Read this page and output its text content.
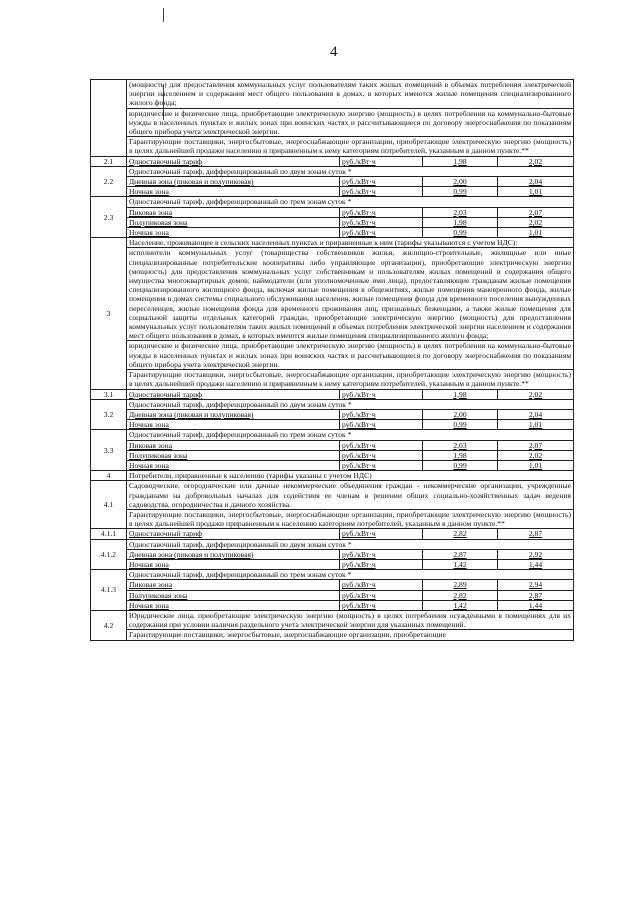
4
	(мощность) для предоставления коммунальных услуг пользователям таких жилых помещений в объемах потребления электрической энергии населением и содержания мест общего пользования в домах, в которых имеются жилые помещения специализированного жилого фонда;			
	юридические и физические лица, приобретающие электрическую энергию (мощность) в целях потребления на коммунально-бытовые нужды в населенных пунктах и жилых зонах при воинских частях и рассчитывающиеся по договору энергоснабжения по показаниям общего прибора учета электрической энергии.			
	Гарантирующие поставщики, энергосбытовые, энергоснабжающие организации, приобретающие электрическую энергию (мощность) в целях дальнейшей продажи населению и приравненным к нему категориям потребителей, указанным в данном пункте.**			
2.1	Одноставочный тариф	руб./кВт·ч	1,98	2,02
2.2	Одноставочный тариф, дифференцированный по двум зонам суток *			
	Дневная зона (пиковая и полупиковая)	руб./кВт·ч	2,00	2,04
	Ночная зона	руб./кВт·ч	0,99	1,01
2.3	Одноставочный тариф, дифференцированный по трем зонам суток *			
	Пиковая зона	руб./кВт·ч	2,03	2,07
	Полупиковая зона	руб./кВт·ч	1,98	2,02
	Ночная зона	руб./кВт·ч	0,99	1,01
3	Население, проживающее в сельских населенных пунктах и приравненные к ним (тарифы указываются с учетом НДС):			
	исполнители коммунальных услуг (товарищества собственников жилья, жилищно-строительные, жилищные или иные специализированные потребительские кооперативы либо управляющие организации), приобретающие электрическую энергию (мощность) для предоставления коммунальных услуг собственникам и пользователям жилых помещений и содержания общего имущества многоквартирных домов; наймодатели (или уполномоченные ими лица), предоставляющие гражданам жилые помещения специализированного жилищного фонда, включая жилые помещения в общежитиях, жилые помещения маневренного фонда, жилые помещения в домах системы социального обслуживания населения, жилые помещения фонда для временного поселения вынужденных переселенцев, жилые помещения фонда для временного проживания лиц, признанных беженцами, а также жилые помещения для социальной защиты отдельных категорий граждан, приобретающие электрическую энергию (мощность) для предоставления коммунальных услуг пользователям таких жилых помещений в объемах потребления электрической энергии населением и содержания мест общего пользования в домах, в которых имеются жилые помещения специализированного жилого фонда;			
	юридические и физические лица, приобретающие электрическую энергию (мощность) в целях потребления на коммунально-бытовые нужды в населенных пунктах и жилых зонах при воинских частях и рассчитывающиеся по договору энергоснабжения по показаниям общего прибора учета электрической энергии.			
	Гарантирующие поставщики, энергосбытовые, энергоснабжающие организации, приобретающие электрическую энергию (мощность) в целях дальнейшей продажи населению и приравненным к нему категориям потребителей, указанным в данном пункте.**			
3.1	Одноставочный тариф	руб./кВт·ч	1,98	2,02
3.2	Одноставочный тариф, дифференцированный по двум зонам суток *			
	Дневная зона (пиковая и полупиковая)	руб./кВт·ч	2,00	2,04
	Ночная зона	руб./кВт·ч	0,99	1,01
3.3	Одноставочный тариф, дифференцированный по трем зонам суток *			
	Пиковая зона	руб./кВт·ч	2,03	2,07
	Полупиковая зона	руб./кВт·ч	1,98	2,02
	Ночная зона	руб./кВт·ч	0,99	1,01
4	Потребители, приравненные к населению (тарифы указаны с учетом НДС)			
4.1	Садоводческие, огороднические или дачные некоммерческие объединения граждан - некоммерческие организации, учрежденные гражданами на добровольных началах для содействия ее членам в решении общих социально-хозяйственных задач ведения садоводства, огородничества и дачного хозяйства.			
	Гарантирующие поставщики, энергосбытовые, энергоснабжающие организации, приобретающие электрическую энергию (мощность) в целях дальнейшей продажи приравненным к населению категориям потребителей, указанным в данном пункте.**			
4.1.1	Одноставочный тариф	руб./кВт·ч	2,82	2,87
4.1.2	Одноставочный тариф, дифференцированный по двум зонам суток *			
	Дневная зона (пиковая и полупиковая)	руб./кВт·ч	2,87	2,92
	Ночная зона	руб./кВт·ч	1,42	1,44
4.1.3	Одноставочный тариф, дифференцированный по трем зонам суток *			
	Пиковая зона	руб./кВт·ч	2,89	2,94
	Полупиковая зона	руб./кВт·ч	2,82	2,87
	Ночная зона	руб./кВт·ч	1,42	1,44
4.2	Юридические лица, приобретающие электрическую энергию (мощность) в целях потребления осужденными в помещениях для их содержания при условии наличия раздельного учета электрической энергии для указанных помещений.			
	Гарантирующие поставщики, энергосбытовые, энергоснабжающие организации, приобретающие			
